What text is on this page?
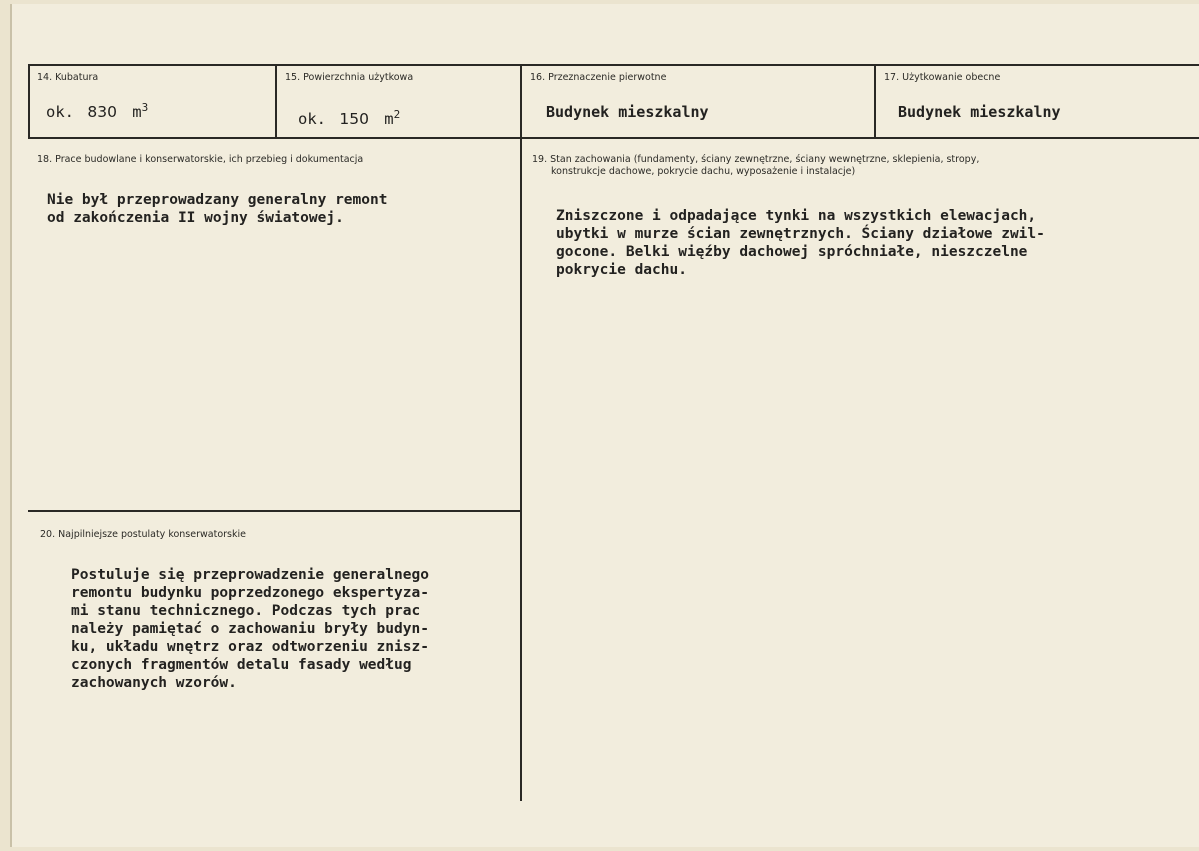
14. Kubatura
ok. 830 $m^3$
15. Powierzchnia użytkowa
ok. 150 $m^2$
16. Przeznaczenie pierwotne
Budynek mieszkalny
17. Użytkowanie obecne
Budynek mieszkalny
18. Prace budowlane i konserwatorskie, ich przebieg i dokumentacja
Nie był przeprowadzany generalny remont
od zakończenia II wojny światowej.
19. Stan zachowania (fundamenty, ściany zewnętrzne, ściany wewnętrzne, sklepienia, stropy,
konstrukcje dachowe, pokrycie dachu, wyposażenie i instalacje)
Zniszczone i odpadające tynki na wszystkich elewacjach,
ubytki w murze ścian zewnętrznych. Ściany działowe zwil-
gocone. Belki więźby dachowej spróchniałe, nieszczelne
pokrycie dachu.
20. Najpilniejsze postulaty konserwatorskie
Postuluje się przeprowadzenie generalnego
remontu budynku poprzedzonego ekspertyza-
mi stanu technicznego. Podczas tych prac
należy pamiętać o zachowaniu bryły budyn-
ku, układu wnętrz oraz odtworzeniu znisz-
czonych fragmentów detalu fasady według
zachowanych wzorów.
